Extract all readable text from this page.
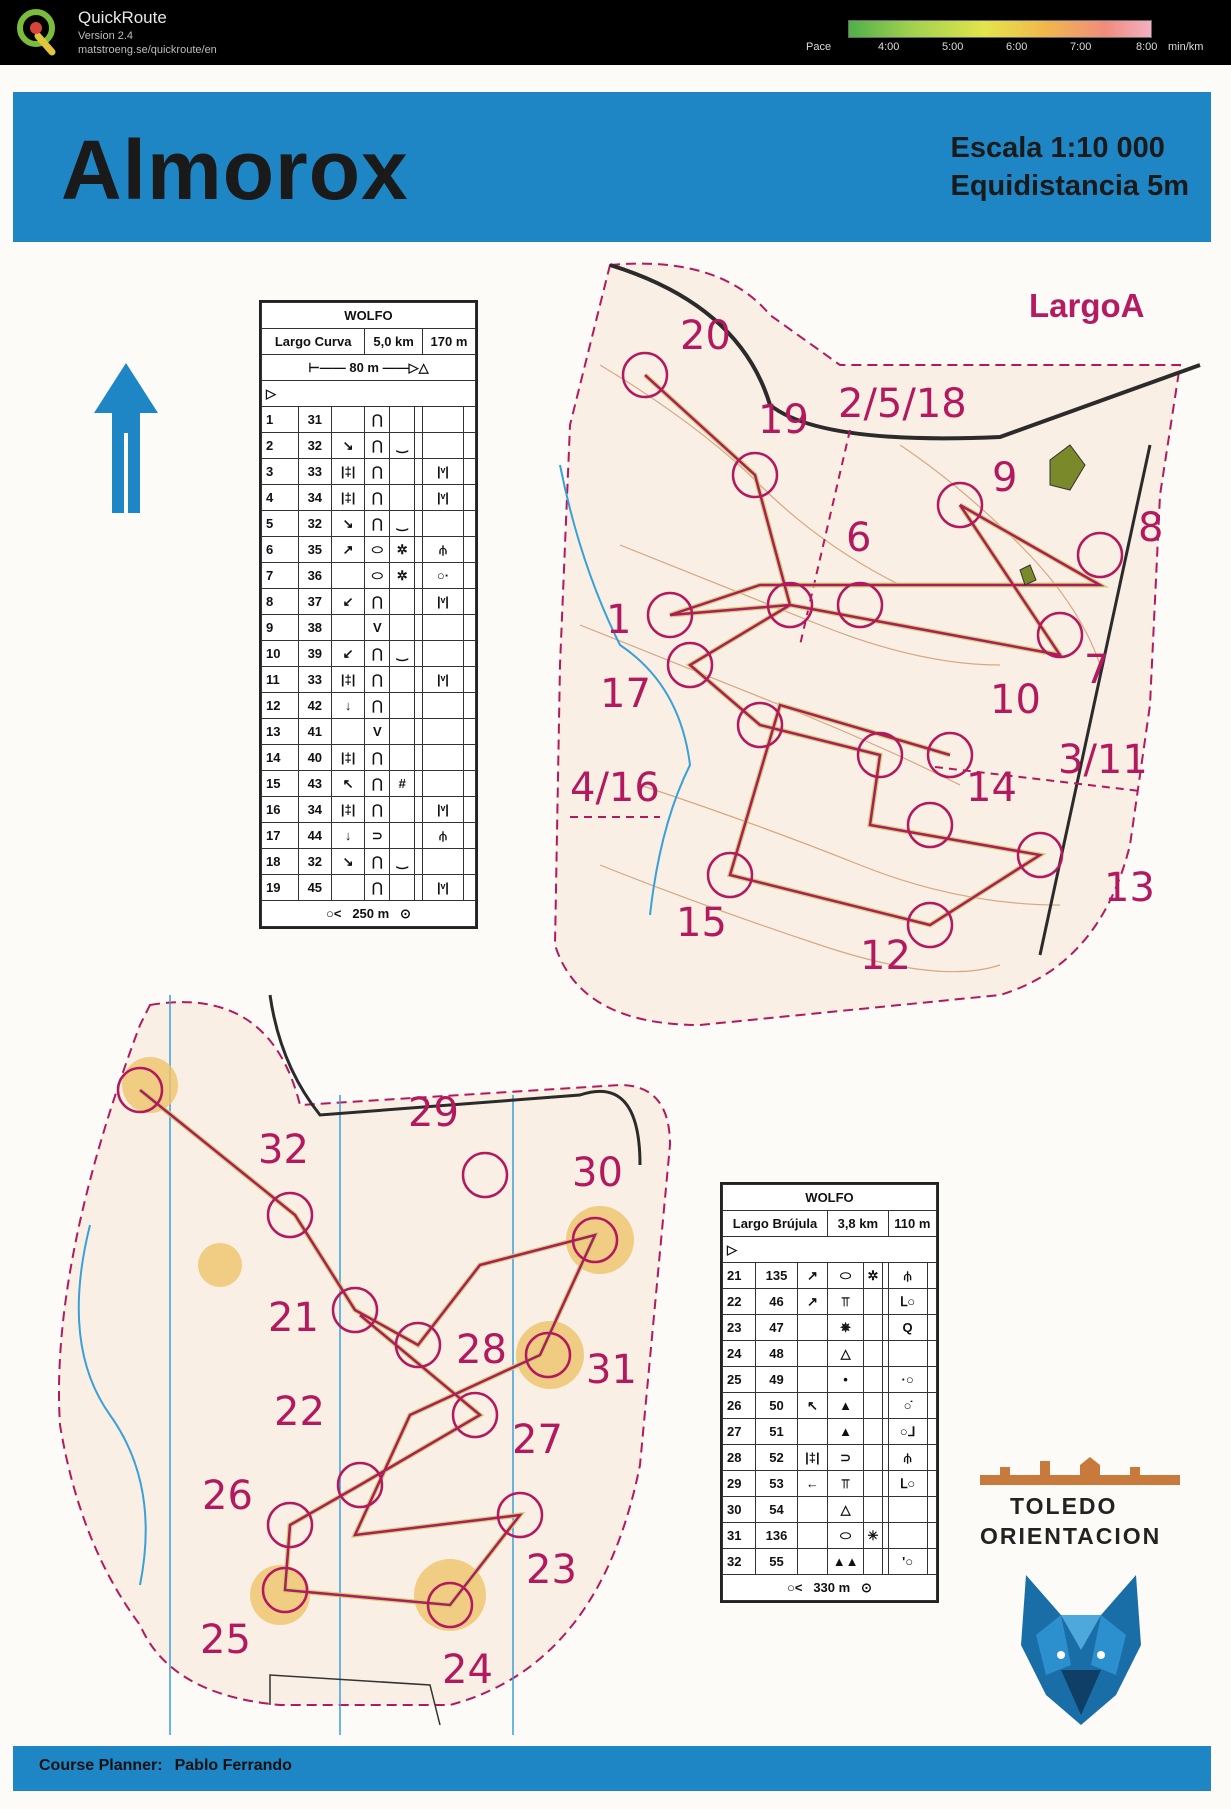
QuickRoute
Version 2.4
matstroeng.se/quickroute/en	Pace	4:00	5:00	6:00	7:00	8:00 min/km
Almorox	Escala 1:10 000
Equidistancia 5m
LargoA
20
19 2/5/18
9
8
6
1
7
17	10
3/11
4/16	14
13
15
12
29
32	30
21
28 31
22
27
26
23
25
24
WOLFO							
Largo Curva			5,0 km			170 m	
⊢—— 80 m ——▷△							
▷							
1	31		⋂				
2	32	↘	⋂	‿			
3	33	|‡|	⋂			|ᵛ|	
4	34	|‡|	⋂			|ᵛ|	
5	32	↘	⋂	‿			
6	35	↗	⬭	✲		⫛	
7	36		⬭	✲		○·	
8	37	↙	⋂			|ᵛ|	
9	38		V				
10	39	↙	⋂	‿			
11	33	|‡|	⋂			|ᵛ|	
12	42	↓	⋂				
13	41		V				
14	40	|‡|	⋂				
15	43	↖	⋂	#			
16	34	|‡|	⋂			|ᵛ|	
17	44	↓	⊃			⫛	
18	32	↘	⋂	‿			
19	45		⋂			|ᵛ|	
○<   250 m   ⊙							
WOLFO							
Largo Brújula			3,8 km			110 m	
▷							
21	135	↗	⬭	✲		⫛	
22	46	↗	⫪			ᒪ○	
23	47		✵			Q	
24	48		△				
25	49		•			·○	
26	50	↖	▲			○̇	
27	51		▲			○ᒧ	
28	52	|‡|	⊃			⫛	
29	53	←	⫪			ᒪ○	
30	54		△				
31	136		⬭	✳			
32	55		▲▲			'○	
○<   330 m   ⊙							
TOLEDO
ORIENTACION
Course Planner: Pablo Ferrando
